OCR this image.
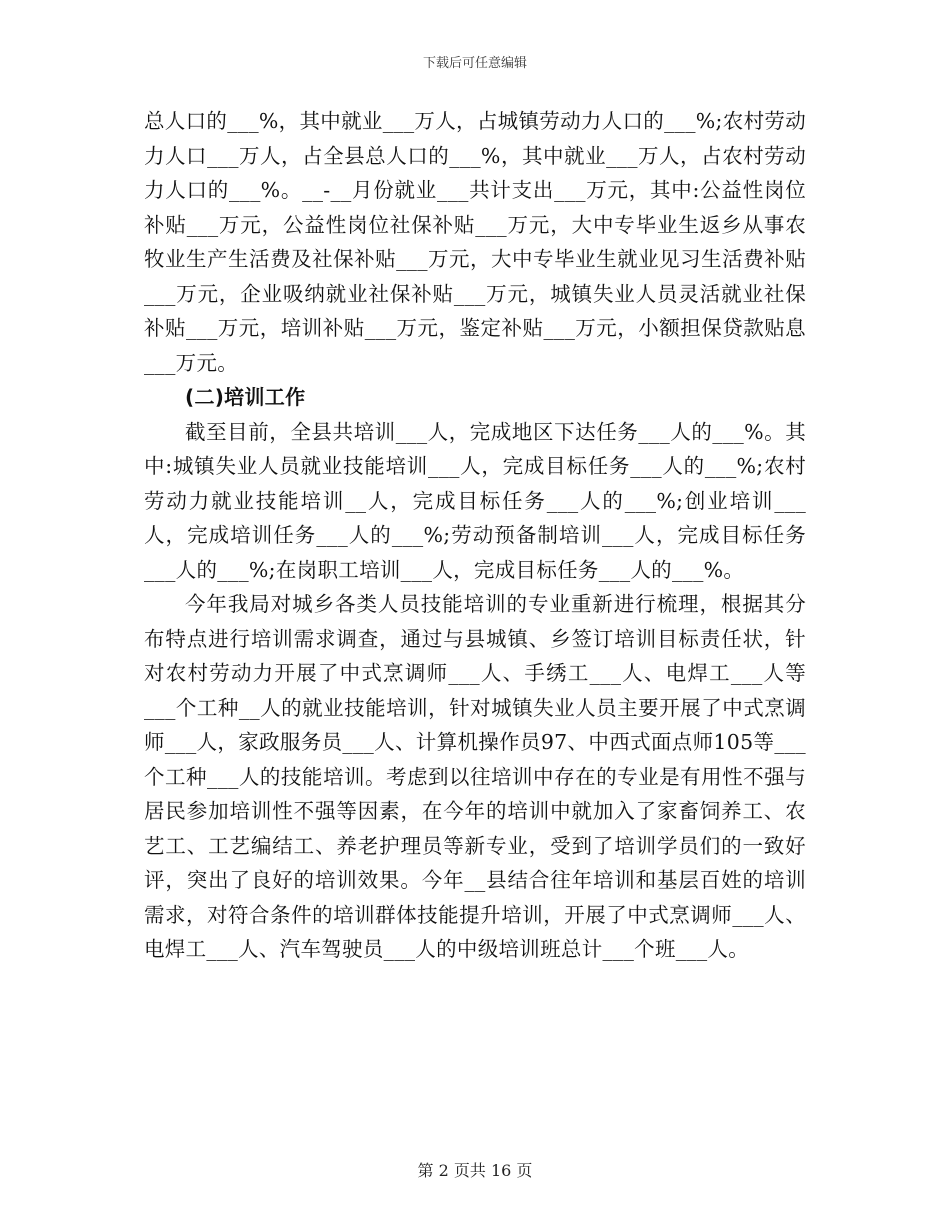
下载后可任意编辑

总人口的___%，其中就业___万人，占城镇劳动力人口的___%;农村劳动力人口___万人，占全县总人口的___%，其中就业___万人，占农村劳动力人口的___%。__-__月份就业___共计支出___万元，其中:公益性岗位补贴___万元，公益性岗位社保补贴___万元，大中专毕业生返乡从事农牧业生产生活费及社保补贴___万元，大中专毕业生就业见习生活费补贴___万元，企业吸纳就业社保补贴___万元，城镇失业人员灵活就业社保补贴___万元，培训补贴___万元，鉴定补贴___万元，小额担保贷款贴息___万元。

(二)培训工作

截至目前，全县共培训___人，完成地区下达任务___人的___%。其中:城镇失业人员就业技能培训___人，完成目标任务___人的___%;农村劳动力就业技能培训__人，完成目标任务___人的___%;创业培训___人，完成培训任务___人的___%;劳动预备制培训___人，完成目标任务___人的___%;在岗职工培训___人，完成目标任务___人的___%。

今年我局对城乡各类人员技能培训的专业重新进行梳理，根据其分布特点进行培训需求调查，通过与县城镇、乡签订培训目标责任状，针对农村劳动力开展了中式烹调师___人、手绣工___人、电焊工___人等___个工种__人的就业技能培训，针对城镇失业人员主要开展了中式烹调师___人，家政服务员___人、计算机操作员97、中西式面点师105等___个工种___人的技能培训。考虑到以往培训中存在的专业是有用性不强与居民参加培训性不强等因素，在今年的培训中就加入了家畜饲养工、农艺工、工艺编结工、养老护理员等新专业，受到了培训学员们的一致好评，突出了良好的培训效果。今年__县结合往年培训和基层百姓的培训需求，对符合条件的培训群体技能提升培训，开展了中式烹调师___人、电焊工___人、汽车驾驶员___人的中级培训班总计___个班___人。

第 2 页共 16 页
